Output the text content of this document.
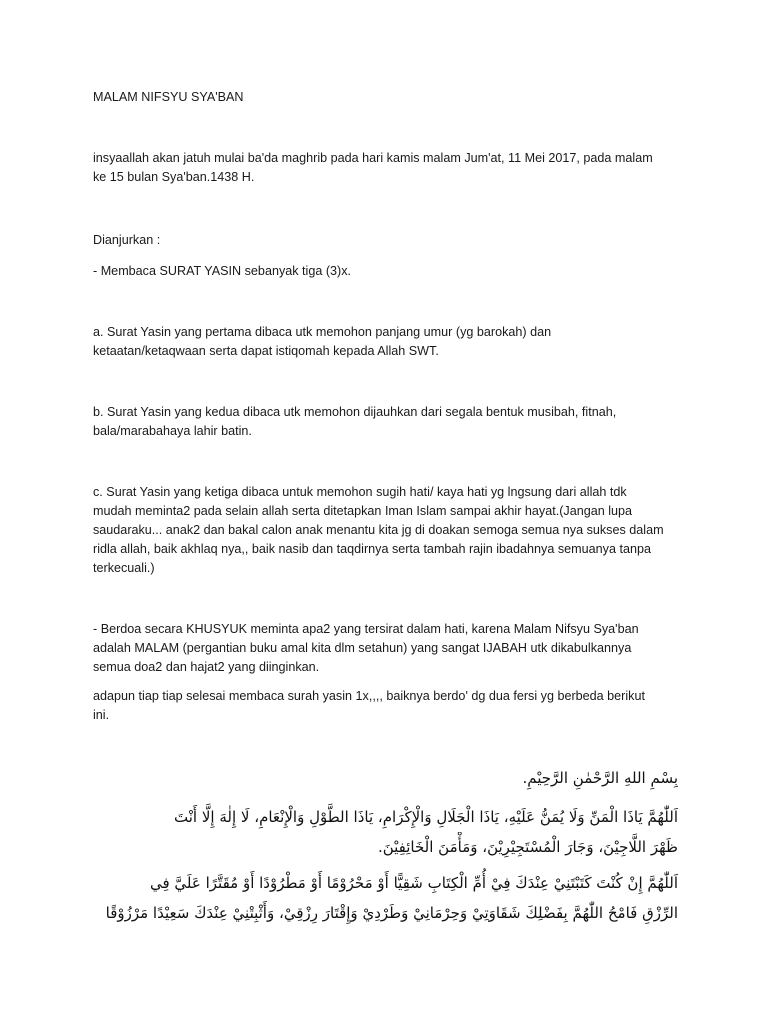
MALAM NIFSYU SYA'BAN
insyaallah akan jatuh mulai ba'da maghrib pada hari kamis malam Jum'at, 11 Mei 2017, pada malam
ke 15 bulan Sya'ban.1438 H.
Dianjurkan :
- Membaca SURAT YASIN sebanyak tiga (3)x.
a. Surat Yasin yang pertama dibaca utk memohon panjang umur (yg barokah) dan
ketaatan/ketaqwaan serta dapat istiqomah kepada Allah SWT.
b. Surat Yasin yang kedua dibaca utk memohon dijauhkan dari segala bentuk musibah, fitnah,
bala/marabahaya lahir batin.
c. Surat Yasin yang ketiga dibaca untuk memohon sugih hati/ kaya hati yg lngsung dari allah tdk
mudah meminta2 pada selain allah serta ditetapkan Iman Islam sampai akhir hayat.(Jangan lupa
saudaraku... anak2 dan bakal calon anak menantu kita jg di doakan semoga semua nya sukses dalam
ridla allah, baik akhlaq nya,, baik nasib dan taqdirnya serta tambah rajin ibadahnya semuanya tanpa
terkecuali.)
- Berdoa secara KHUSYUK meminta apa2 yang tersirat dalam hati, karena Malam Nifsyu Sya'ban
adalah MALAM (pergantian buku amal kita dlm setahun) yang sangat IJABAH utk dikabulkannya
semua doa2 dan hajat2 yang diinginkan.
adapun tiap tiap selesai membaca surah yasin 1x,,,, baiknya berdo' dg dua fersi yg berbeda berikut
ini.
بِسْمِ اللهِ الرَّحْمٰنِ الرَّحِيْمِ.
اَللّٰهُمَّ يَاذَا الْمَنِّ وَلَا يُمَنُّ عَلَيْهِ، يَاذَا الْجَلَالِ وَالْإِكْرَامِ، يَاذَا الطَّوْلِ وَالْإِنْعَامِ، لَا إِلٰهَ إِلَّا أَنْتَ
ظَهْرَ اللَّاجِيْنَ، وَجَارَ الْمُسْتَجِيْرِيْنَ، وَمَأْمَنَ الْخَائِفِيْنَ.
اَللّٰهُمَّ إِنْ كُنْتَ كَتَبْتَنِيْ عِنْدَكَ فِيْ أُمِّ الْكِتَابِ شَقِيًّا أَوْ مَحْرُوْمًا أَوْ مَطْرُوْدًا أَوْ مُقَتَّرًا عَلَيَّ فِي
الرِّزْقِ فَامْحُ اللّٰهُمَّ بِفَضْلِكَ شَقَاوَتِيْ وَحِرْمَانِيْ وَطَرْدِيْ وَإِقْتَارَ رِزْقِيْ، وَأَثْبِتْنِيْ عِنْدَكَ سَعِيْدًا مَرْزُوْقًا
